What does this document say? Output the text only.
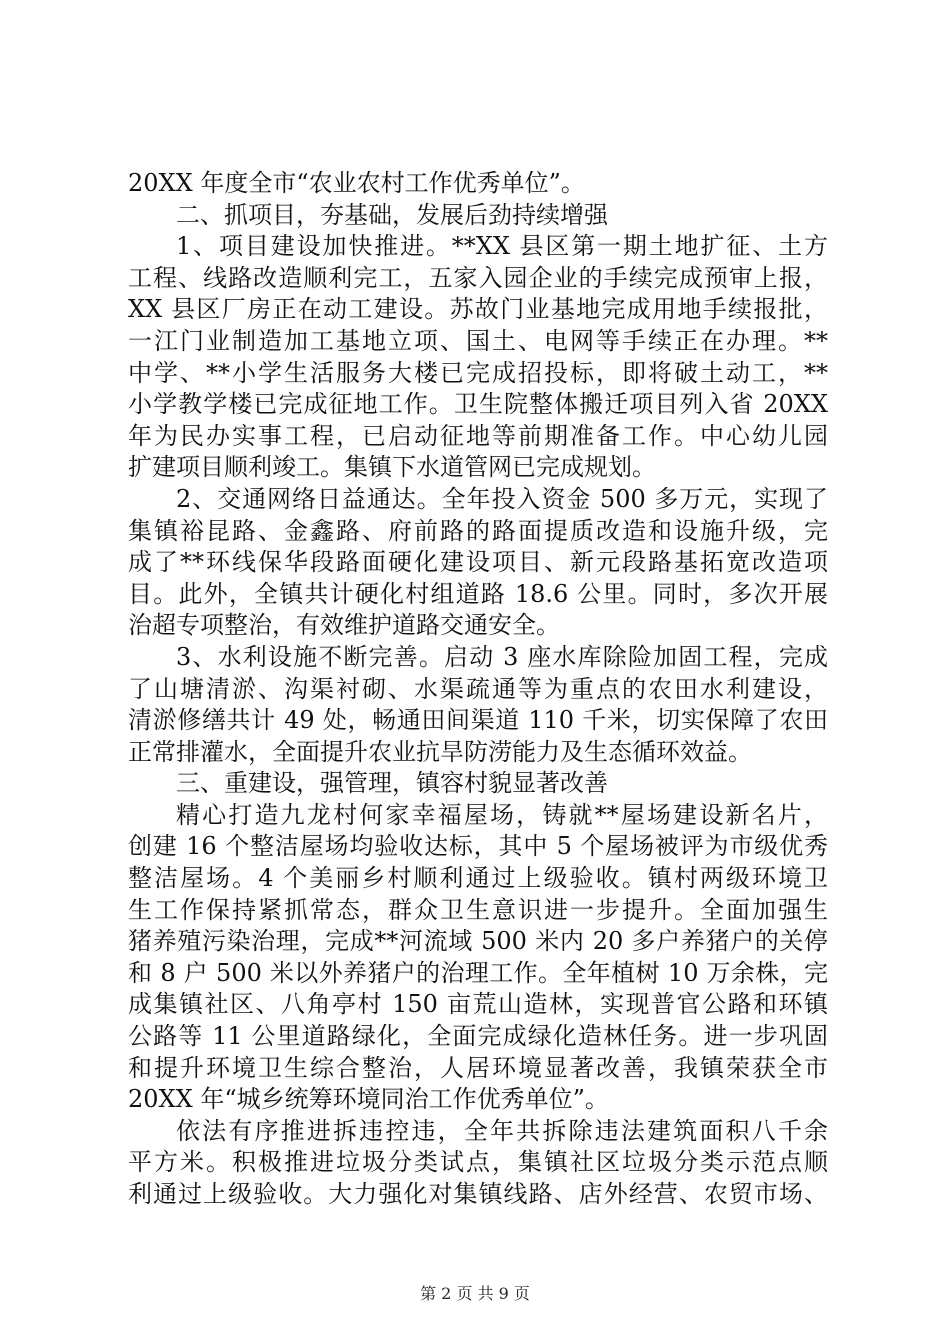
20XX 年度全市“农业农村工作优秀单位”。
二、抓项目，夯基础，发展后劲持续增强
1、项目建设加快推进。**XX 县区第一期土地扩征、土方
工程、线路改造顺利完工，五家入园企业的手续完成预审上报，
XX 县区厂房正在动工建设。苏故门业基地完成用地手续报批，
一江门业制造加工基地立项、国土、电网等手续正在办理。**
中学、**小学生活服务大楼已完成招投标，即将破土动工，**
小学教学楼已完成征地工作。卫生院整体搬迁项目列入省 20XX
年为民办实事工程，已启动征地等前期准备工作。中心幼儿园
扩建项目顺利竣工。集镇下水道管网已完成规划。
2、交通网络日益通达。全年投入资金 500 多万元，实现了
集镇裕昆路、金鑫路、府前路的路面提质改造和设施升级，完
成了**环线保华段路面硬化建设项目、新元段路基拓宽改造项
目。此外，全镇共计硬化村组道路 18.6 公里。同时，多次开展
治超专项整治，有效维护道路交通安全。
3、水利设施不断完善。启动 3 座水库除险加固工程，完成
了山塘清淤、沟渠衬砌、水渠疏通等为重点的农田水利建设，
清淤修缮共计 49 处，畅通田间渠道 110 千米，切实保障了农田
正常排灌水，全面提升农业抗旱防涝能力及生态循环效益。
三、重建设，强管理，镇容村貌显著改善
精心打造九龙村何家幸福屋场，铸就**屋场建设新名片，
创建 16 个整洁屋场均验收达标，其中 5 个屋场被评为市级优秀
整洁屋场。4 个美丽乡村顺利通过上级验收。镇村两级环境卫
生工作保持紧抓常态，群众卫生意识进一步提升。全面加强生
猪养殖污染治理，完成**河流域 500 米内 20 多户养猪户的关停
和 8 户 500 米以外养猪户的治理工作。全年植树 10 万余株，完
成集镇社区、八角亭村 150 亩荒山造林，实现普官公路和环镇
公路等 11 公里道路绿化，全面完成绿化造林任务。进一步巩固
和提升环境卫生综合整治，人居环境显著改善，我镇荣获全市
20XX 年“城乡统筹环境同治工作优秀单位”。
依法有序推进拆违控违，全年共拆除违法建筑面积八千余
平方米。积极推进垃圾分类试点，集镇社区垃圾分类示范点顺
利通过上级验收。大力强化对集镇线路、店外经营、农贸市场、
第 2 页 共 9 页
